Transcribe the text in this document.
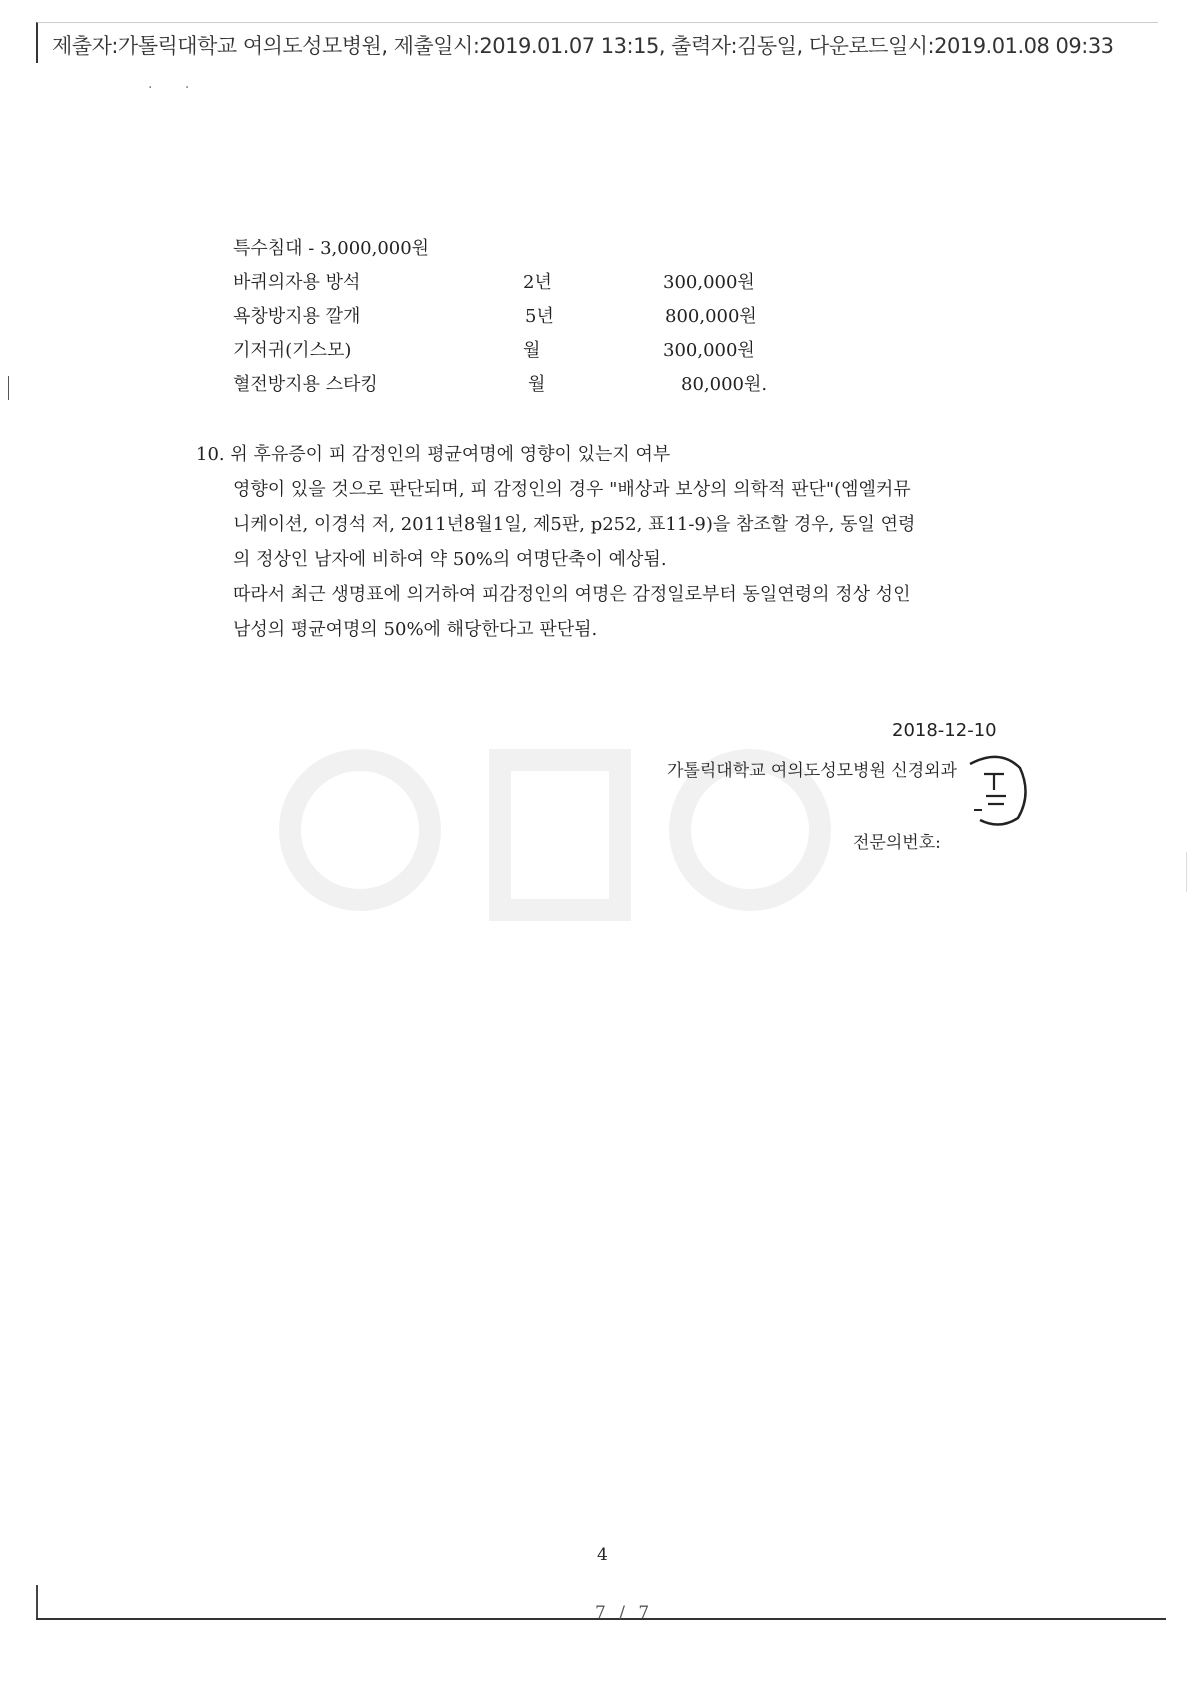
제출자:가톨릭대학교 여의도성모병원, 제출일시:2019.01.07 13:15, 출력자:김동일, 다운로드일시:2019.01.08 09:33
· ·
특수침대 - 3,000,000원
바퀴의자용 방석	2년	300,000원
욕창방지용 깔개	5년	800,000원
기저귀(기스모)	월	300,000원
혈전방지용 스타킹	월	80,000원.
10. 위 후유증이 피 감정인의 평균여명에 영향이 있는지 여부
영향이 있을 것으로 판단되며, 피 감정인의 경우 "배상과 보상의 의학적 판단"(엠엘커뮤
니케이션, 이경석 저, 2011년8월1일, 제5판, p252, 표11-9)을 참조할 경우, 동일 연령
의 정상인 남자에 비하여 약 50%의 여명단축이 예상됨.
따라서 최근 생명표에 의거하여 피감정인의 여명은 감정일로부터 동일연령의 정상 성인
남성의 평균여명의 50%에 해당한다고 판단됨.
2018-12-10
가톨릭대학교 여의도성모병원 신경외과
전문의번호:
4
7 / 7
